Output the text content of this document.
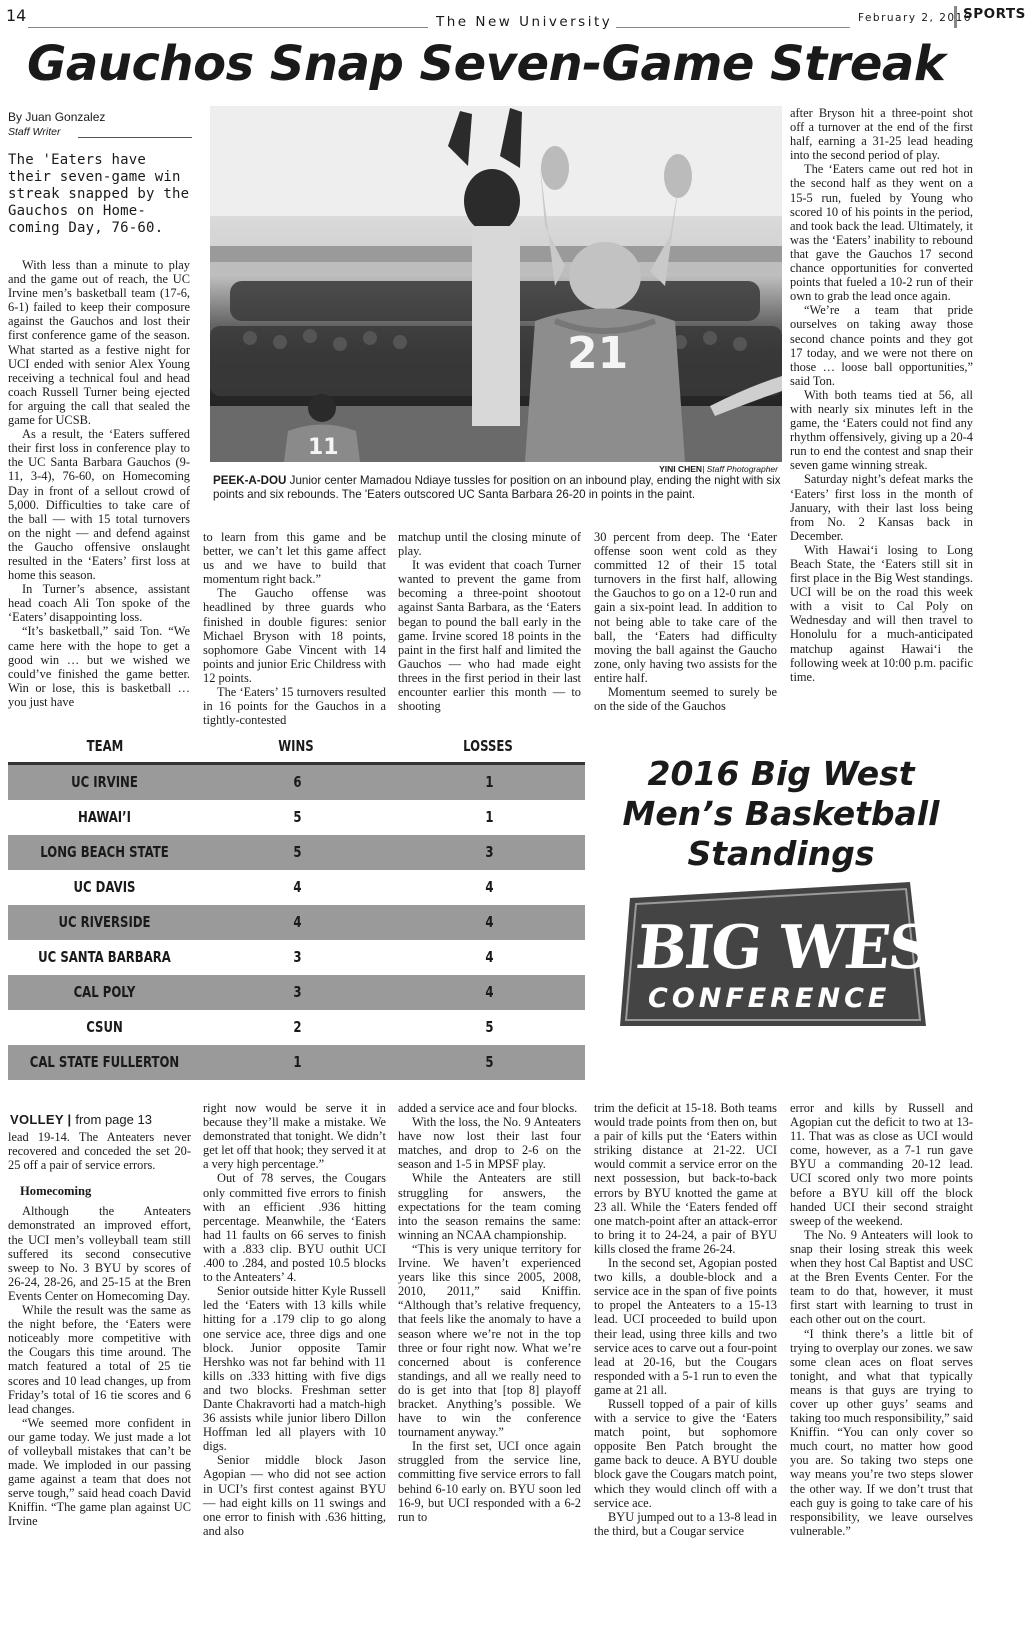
14	The New University	February 2, 2016
SPORTS
Gauchos Snap Seven-Game Streak
By Juan Gonzalez
Staff Writer
The 'Eaters have their seven-game win streak snapped by the Gauchos on Home-coming Day, 76-60.
11
21
YINI CHEN| Staff Photographer
PEEK-A-DOU Junior center Mamadou Ndiaye tussles for position on an inbound play, ending the night with six points and six rebounds. The 'Eaters outscored UC Santa Barbara 26-20 in points in the paint.

With less than a minute to play and the game out of reach, the UC Irvine men’s basketball team (17-6, 6-1) failed to keep their composure against the Gauchos and lost their first conference game of the season. What started as a festive night for UCI ended with senior Alex Young receiving a technical foul and head coach Russell Turner being ejected for arguing the call that sealed the game for UCSB.

As a result, the ‘Eaters suffered their first loss in conference play to the UC Santa Barbara Gauchos (9-11, 3-4), 76-60, on Homecoming Day in front of a sellout crowd of 5,000. Difficulties to take care of the ball — with 15 total turnovers on the night — and defend against the Gaucho offensive onslaught resulted in the ‘Eaters’ first loss at home this season.

In Turner’s absence, assistant head coach Ali Ton spoke of the ‘Eaters’ disappointing loss.

“It’s basketball,” said Ton. “We came here with the hope to get a good win … but we wished we could’ve finished the game better. Win or lose, this is basketball … you just have

to learn from this game and be better, we can’t let this game affect us and we have to build that momentum right back.”

The Gaucho offense was headlined by three guards who finished in double figures: senior Michael Bryson with 18 points, sophomore Gabe Vincent with 14 points and junior Eric Childress with 12 points.

The ‘Eaters’ 15 turnovers resulted in 16 points for the Gauchos in a tightly-contested

matchup until the closing minute of play.

It was evident that coach Turner wanted to prevent the game from becoming a three-point shootout against Santa Barbara, as the ‘Eaters began to pound the ball early in the game. Irvine scored 18 points in the paint in the first half and limited the Gauchos — who had made eight threes in the first period in their last encounter earlier this month — to shooting

30 percent from deep. The ‘Eater offense soon went cold as they committed 12 of their 15 total turnovers in the first half, allowing the Gauchos to go on a 12-0 run and gain a six-point lead. In addition to not being able to take care of the ball, the ‘Eaters had difficulty moving the ball against the Gaucho zone, only having two assists for the entire half.

Momentum seemed to surely be on the side of the Gauchos

after Bryson hit a three-point shot off a turnover at the end of the first half, earning a 31-25 lead heading into the second period of play.

The ‘Eaters came out red hot in the second half as they went on a 15-5 run, fueled by Young who scored 10 of his points in the period, and took back the lead. Ultimately, it was the ‘Eaters’ inability to rebound that gave the Gauchos 17 second chance opportunities for converted points that fueled a 10-2 run of their own to grab the lead once again.

“We’re a team that pride ourselves on taking away those second chance points and they got 17 today, and we were not there on those … loose ball opportunities,” said Ton.

With both teams tied at 56, all with nearly six minutes left in the game, the ‘Eaters could not find any rhythm offensively, giving up a 20-4 run to end the contest and snap their seven game winning streak.

Saturday night’s defeat marks the ‘Eaters’ first loss in the month of January, with their last loss being from No. 2 Kansas back in December.

With Hawai‘i losing to Long Beach State, the ‘Eaters still sit in first place in the Big West standings. UCI will be on the road this week with a visit to Cal Poly on Wednesday and will then travel to Honolulu for a much-anticipated matchup against Hawai‘i the following week at 10:00 p.m. pacific time.

TEAM	WINS	LOSSES
UC IRVINE	6	1
HAWAI’I	5	1
LONG BEACH STATE	5	3
UC DAVIS	4	4
UC RIVERSIDE	4	4
UC SANTA BARBARA	3	4
CAL POLY	3	4
CSUN	2	5
CAL STATE FULLERTON	1	5
2016 Big West Men’s Basketball Standings
BIG WEST
CONFERENCE
VOLLEY | from page 13

lead 19-14. The Anteaters never recovered and conceded the set 20-25 off a pair of service errors.

Homecoming

Although the Anteaters demonstrated an improved effort, the UCI men’s volleyball team still suffered its second consecutive sweep to No. 3 BYU by scores of 26-24, 28-26, and 25-15 at the Bren Events Center on Homecoming Day.

While the result was the same as the night before, the ‘Eaters were noticeably more competitive with the Cougars this time around. The match featured a total of 25 tie scores and 10 lead changes, up from Friday’s total of 16 tie scores and 6 lead changes.

“We seemed more confident in our game today. We just made a lot of volleyball mistakes that can’t be made. We imploded in our passing game against a team that does not serve tough,” said head coach David Kniffin. “The game plan against UC Irvine

right now would be serve it in because they’ll make a mistake. We demonstrated that tonight. We didn’t get let off that hook; they served it at a very high percentage.”

Out of 78 serves, the Cougars only committed five errors to finish with an efficient .936 hitting percentage. Meanwhile, the ‘Eaters had 11 faults on 66 serves to finish with a .833 clip. BYU outhit UCI .400 to .284, and posted 10.5 blocks to the Anteaters’ 4.

Senior outside hitter Kyle Russell led the ‘Eaters with 13 kills while hitting for a .179 clip to go along one service ace, three digs and one block. Junior opposite Tamir Hershko was not far behind with 11 kills on .333 hitting with five digs and two blocks. Freshman setter Dante Chakravorti had a match-high 36 assists while junior libero Dillon Hoffman led all players with 10 digs.

Senior middle block Jason Agopian — who did not see action in UCI’s first contest against BYU — had eight kills on 11 swings and one error to finish with .636 hitting, and also

added a service ace and four blocks.

With the loss, the No. 9 Anteaters have now lost their last four matches, and drop to 2-6 on the season and 1-5 in MPSF play.

While the Anteaters are still struggling for answers, the expectations for the team coming into the season remains the same: winning an NCAA championship.

“This is very unique territory for Irvine. We haven’t experienced years like this since 2005, 2008, 2010, 2011,” said Kniffin. “Although that’s relative frequency, that feels like the anomaly to have a season where we’re not in the top three or four right now. What we’re concerned about is conference standings, and all we really need to do is get into that [top 8] playoff bracket. Anything’s possible. We have to win the conference tournament anyway.”

In the first set, UCI once again struggled from the service line, committing five service errors to fall behind 6-10 early on. BYU soon led 16-9, but UCI responded with a 6-2 run to

trim the deficit at 15-18. Both teams would trade points from then on, but a pair of kills put the ‘Eaters within striking distance at 21-22. UCI would commit a service error on the next possession, but back-to-back errors by BYU knotted the game at 23 all. While the ‘Eaters fended off one match-point after an attack-error to bring it to 24-24, a pair of BYU kills closed the frame 26-24.

In the second set, Agopian posted two kills, a double-block and a service ace in the span of five points to propel the Anteaters to a 15-13 lead. UCI proceeded to build upon their lead, using three kills and two service aces to carve out a four-point lead at 20-16, but the Cougars responded with a 5-1 run to even the game at 21 all.

Russell topped of a pair of kills with a service to give the ‘Eaters match point, but sophomore opposite Ben Patch brought the game back to deuce. A BYU double block gave the Cougars match point, which they would clinch off with a service ace.

BYU jumped out to a 13-8 lead in the third, but a Cougar service

error and kills by Russell and Agopian cut the deficit to two at 13-11. That was as close as UCI would come, however, as a 7-1 run gave BYU a commanding 20-12 lead. UCI scored only two more points before a BYU kill off the block handed UCI their second straight sweep of the weekend.

The No. 9 Anteaters will look to snap their losing streak this week when they host Cal Baptist and USC at the Bren Events Center. For the team to do that, however, it must first start with learning to trust in each other out on the court.

“I think there’s a little bit of trying to overplay our zones. we saw some clean aces on float serves tonight, and what that typically means is that guys are trying to cover up other guys’ seams and taking too much responsibility,” said Kniffin. “You can only cover so much court, no matter how good you are. So taking two steps one way means you’re two steps slower the other way. If we don’t trust that each guy is going to take care of his responsibility, we leave ourselves vulnerable.”
